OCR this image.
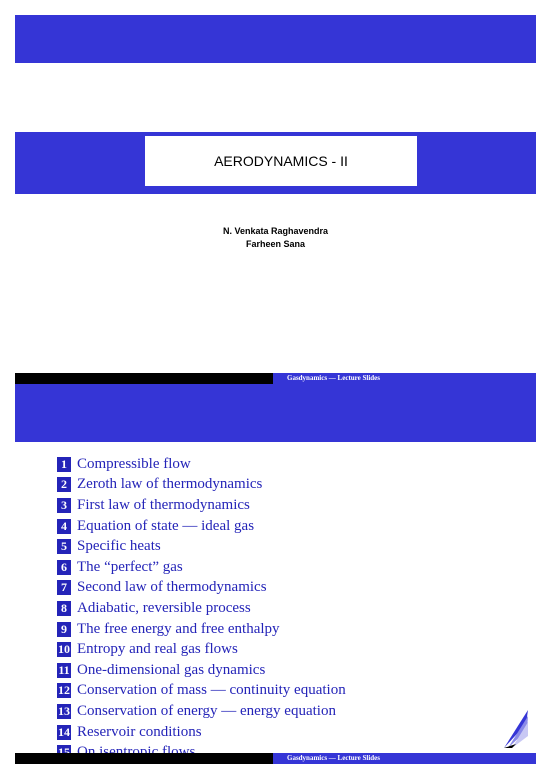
AERODYNAMICS - II
N. Venkata Raghavendra
Farheen Sana
Gasdynamics — Lecture Slides
1 Compressible flow
2 Zeroth law of thermodynamics
3 First law of thermodynamics
4 Equation of state — ideal gas
5 Specific heats
6 The “perfect” gas
7 Second law of thermodynamics
8 Adiabatic, reversible process
9 The free energy and free enthalpy
10 Entropy and real gas flows
11 One-dimensional gas dynamics
12 Conservation of mass — continuity equation
13 Conservation of energy — energy equation
14 Reservoir conditions
Gasdynamics — Lecture Slides
